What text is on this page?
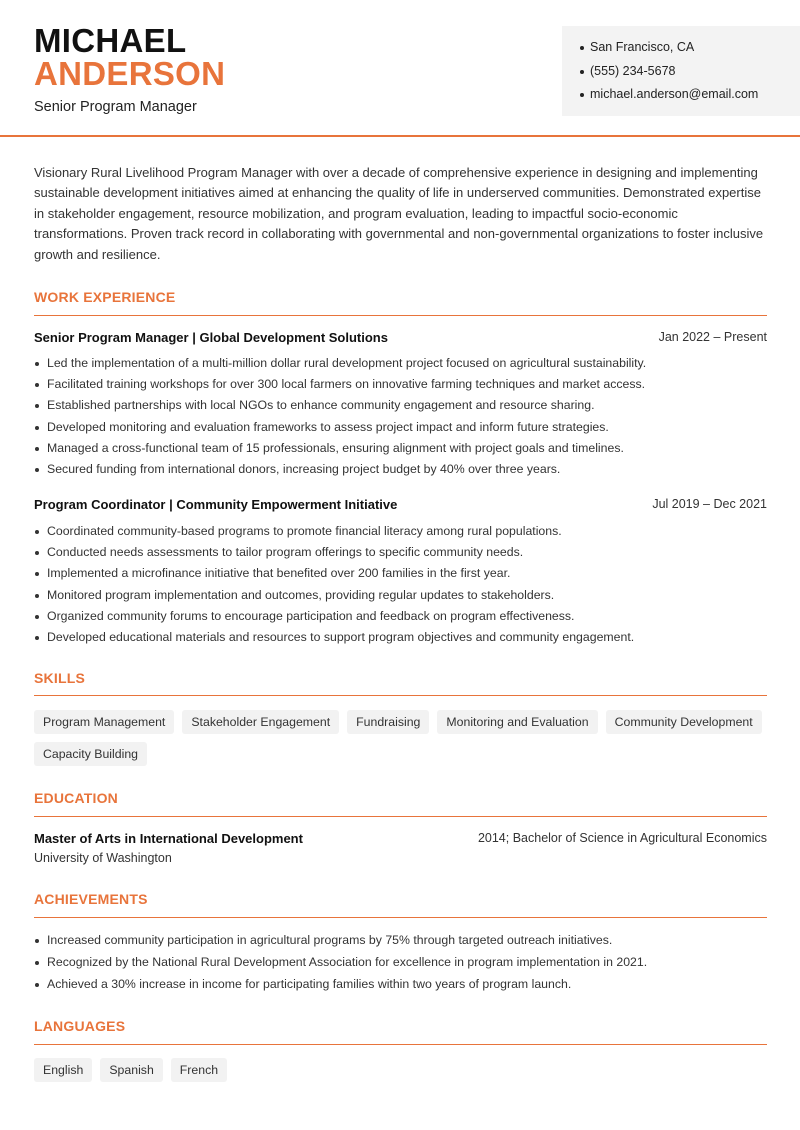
MICHAEL
ANDERSON
Senior Program Manager
San Francisco, CA
(555) 234-5678
michael.anderson@email.com
Visionary Rural Livelihood Program Manager with over a decade of comprehensive experience in designing and implementing sustainable development initiatives aimed at enhancing the quality of life in underserved communities. Demonstrated expertise in stakeholder engagement, resource mobilization, and program evaluation, leading to impactful socio-economic transformations. Proven track record in collaborating with governmental and non-governmental organizations to foster inclusive growth and resilience.
WORK EXPERIENCE
Senior Program Manager | Global Development Solutions	Jan 2022 – Present
Led the implementation of a multi-million dollar rural development project focused on agricultural sustainability.
Facilitated training workshops for over 300 local farmers on innovative farming techniques and market access.
Established partnerships with local NGOs to enhance community engagement and resource sharing.
Developed monitoring and evaluation frameworks to assess project impact and inform future strategies.
Managed a cross-functional team of 15 professionals, ensuring alignment with project goals and timelines.
Secured funding from international donors, increasing project budget by 40% over three years.
Program Coordinator | Community Empowerment Initiative	Jul 2019 – Dec 2021
Coordinated community-based programs to promote financial literacy among rural populations.
Conducted needs assessments to tailor program offerings to specific community needs.
Implemented a microfinance initiative that benefited over 200 families in the first year.
Monitored program implementation and outcomes, providing regular updates to stakeholders.
Organized community forums to encourage participation and feedback on program effectiveness.
Developed educational materials and resources to support program objectives and community engagement.
SKILLS
Program Management	Stakeholder Engagement	Fundraising	Monitoring and Evaluation	Community Development
Capacity Building
EDUCATION
Master of Arts in International Development	2014; Bachelor of Science in Agricultural Economics
University of Washington
ACHIEVEMENTS
Increased community participation in agricultural programs by 75% through targeted outreach initiatives.
Recognized by the National Rural Development Association for excellence in program implementation in 2021.
Achieved a 30% increase in income for participating families within two years of program launch.
LANGUAGES
English	Spanish	French
